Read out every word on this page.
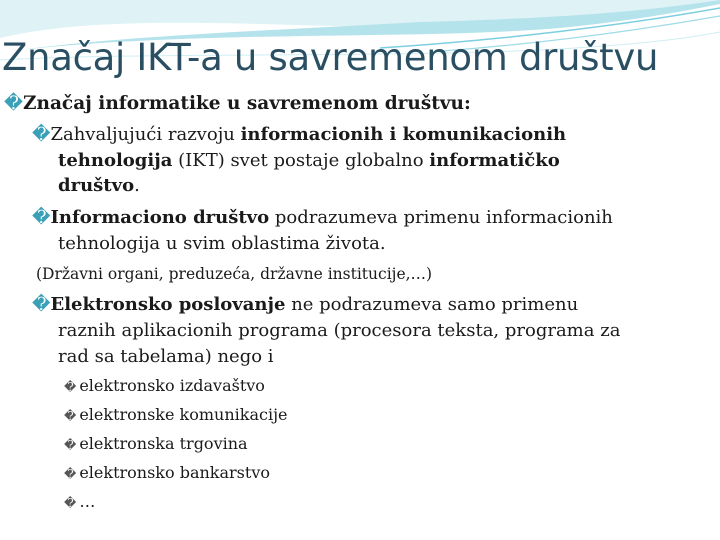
Značaj IKT-a u savremenom društvu
�Značaj informatike u savremenom društvu:
�Zahvaljujući razvoju informacionih i komunikacionih
tehnologija (IKT) svet postaje globalno informatičko
društvo.
�Informaciono društvo podrazumeva primenu informacionih
tehnologija u svim oblastima života.
(Državni organi, preduzeća, državne institucije,…)
�Elektronsko poslovanje ne podrazumeva samo primenu
raznih aplikacionih programa (procesora teksta, programa za
rad sa tabelama) nego i
� elektronsko izdavaštvo
� elektronske komunikacije
� elektronska trgovina
� elektronsko bankarstvo
� …
